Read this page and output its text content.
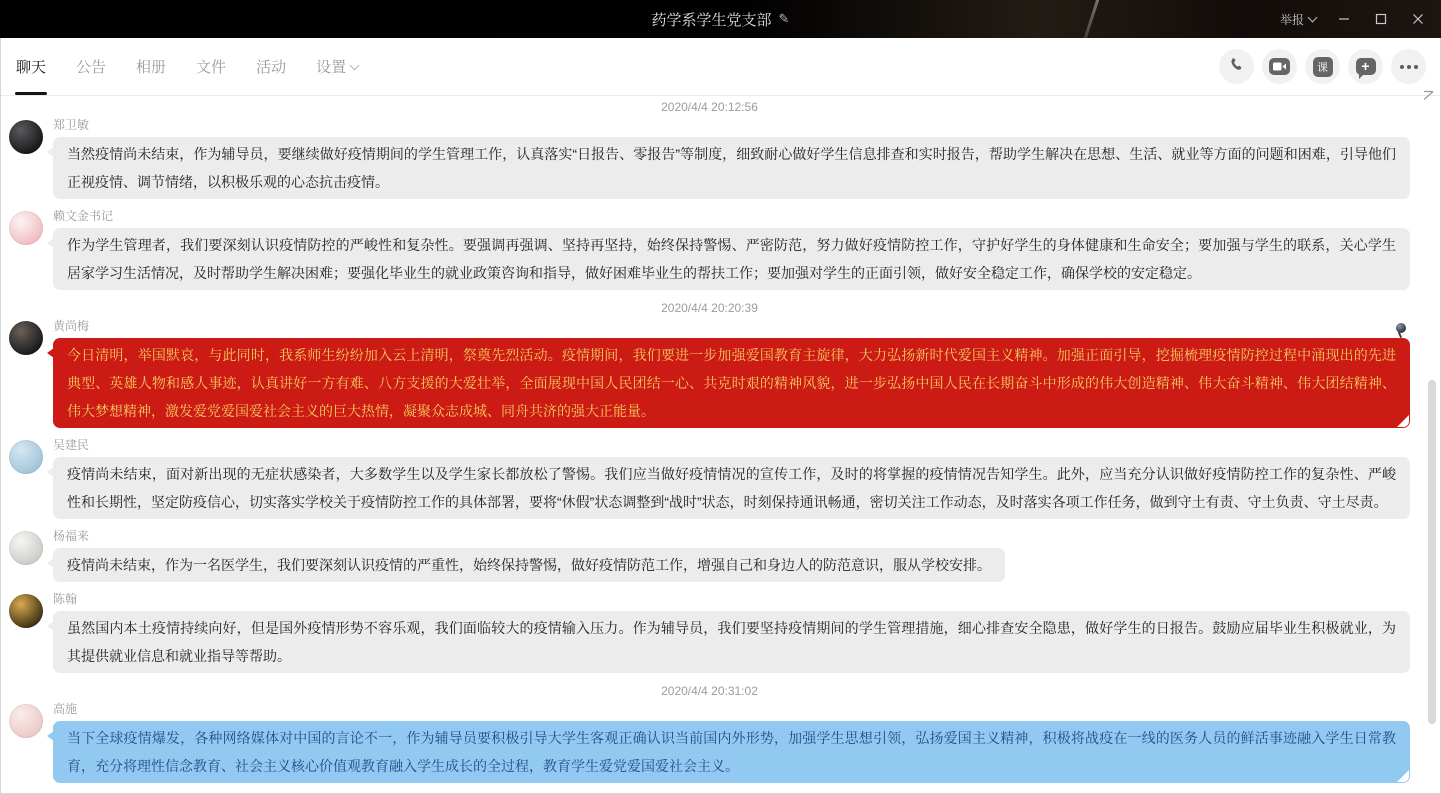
药学系学生党支部 ✎	举报
聊天 公告 相册 文件 活动 设置	课 +
2020/4/4 20:12:56
郑卫敏
当然疫情尚未结束，作为辅导员，要继续做好疫情期间的学生管理工作，认真落实“日报告、零报告”等制度，细致耐心做好学生信息排查和实时报告，帮助学生解决在思想、生活、就业等方面的问题和困难，引导他们正视疫情、调节情绪，以积极乐观的心态抗击疫情。
赖文金书记
作为学生管理者，我们要深刻认识疫情防控的严峻性和复杂性。要强调再强调、坚持再坚持，始终保持警惕、严密防范，努力做好疫情防控工作，守护好学生的身体健康和生命安全；要加强与学生的联系，关心学生居家学习生活情况，及时帮助学生解决困难；要强化毕业生的就业政策咨询和指导，做好困难毕业生的帮扶工作；要加强对学生的正面引领，做好安全稳定工作，确保学校的安定稳定。
2020/4/4 20:20:39
黄尚梅
今日清明，举国默哀，与此同时，我系师生纷纷加入云上清明，祭奠先烈活动。疫情期间，我们要进一步加强爱国教育主旋律，大力弘扬新时代爱国主义精神。加强正面引导，挖掘梳理疫情防控过程中涌现出的先进典型、英雄人物和感人事迹，认真讲好一方有难、八方支援的大爱壮举，全面展现中国人民团结一心、共克时艰的精神风貌，进一步弘扬中国人民在长期奋斗中形成的伟大创造精神、伟大奋斗精神、伟大团结精神、伟大梦想精神，激发爱党爱国爱社会主义的巨大热情，凝聚众志成城、同舟共济的强大正能量。
吴建民
疫情尚未结束，面对新出现的无症状感染者，大多数学生以及学生家长都放松了警惕。我们应当做好疫情情况的宣传工作，及时的将掌握的疫情情况告知学生。此外，应当充分认识做好疫情防控工作的复杂性、严峻性和长期性，坚定防疫信心，切实落实学校关于疫情防控工作的具体部署，要将“休假”状态调整到“战时”状态，时刻保持通讯畅通，密切关注工作动态，及时落实各项工作任务，做到守土有责、守土负责、守土尽责。
杨福来
疫情尚未结束，作为一名医学生，我们要深刻认识疫情的严重性，始终保持警惕，做好疫情防范工作，增强自己和身边人的防范意识，服从学校安排。
陈翰
虽然国内本土疫情持续向好，但是国外疫情形势不容乐观，我们面临较大的疫情输入压力。作为辅导员，我们要坚持疫情期间的学生管理措施，细心排查安全隐患，做好学生的日报告。鼓励应届毕业生积极就业，为其提供就业信息和就业指导等帮助。
2020/4/4 20:31:02
高施
当下全球疫情爆发，各种网络媒体对中国的言论不一，作为辅导员要积极引导大学生客观正确认识当前国内外形势，加强学生思想引领，弘扬爱国主义精神，积极将战疫在一线的医务人员的鲜活事迹融入学生日常教育，充分将理性信念教育、社会主义核心价值观教育融入学生成长的全过程，教育学生爱党爱国爱社会主义。
